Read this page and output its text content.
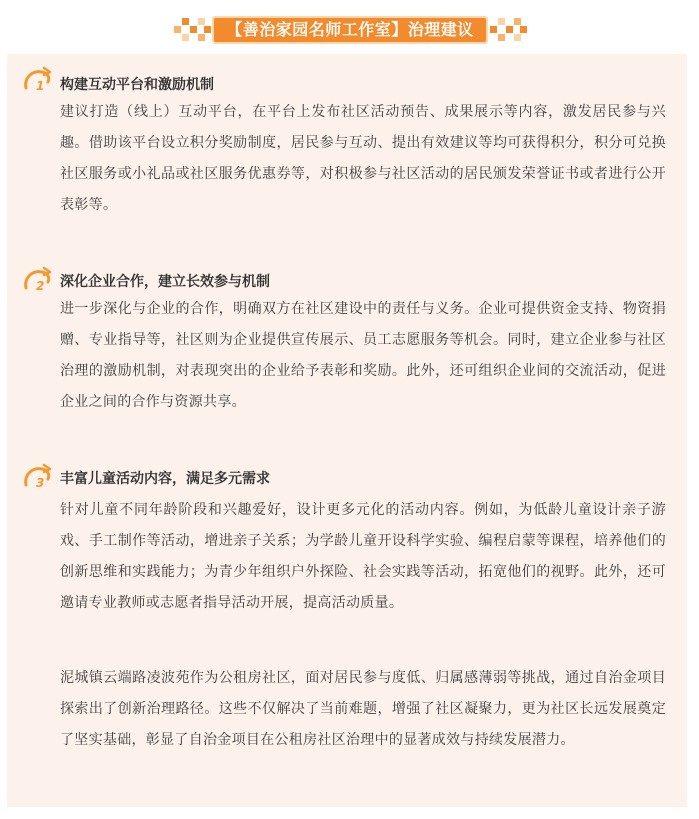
【善治家园名师工作室】治理建议
1 构建互动平台和激励机制

建议打造（线上）互动平台，在平台上发布社区活动预告、成果展示等内容，激发居民参与兴趣。借助该平台设立积分奖励制度，居民参与互动、提出有效建议等均可获得积分，积分可兑换社区服务或小礼品或社区服务优惠券等，对积极参与社区活动的居民颁发荣誉证书或者进行公开表彰等。

2 深化企业合作，建立长效参与机制

进一步深化与企业的合作，明确双方在社区建设中的责任与义务。企业可提供资金支持、物资捐赠、专业指导等，社区则为企业提供宣传展示、员工志愿服务等机会。同时，建立企业参与社区治理的激励机制，对表现突出的企业给予表彰和奖励。此外，还可组织企业间的交流活动，促进企业之间的合作与资源共享。

3 丰富儿童活动内容，满足多元需求

针对儿童不同年龄阶段和兴趣爱好，设计更多元化的活动内容。例如，为低龄儿童设计亲子游戏、手工制作等活动，增进亲子关系；为学龄儿童开设科学实验、编程启蒙等课程，培养他们的创新思维和实践能力；为青少年组织户外探险、社会实践等活动，拓宽他们的视野。此外，还可邀请专业教师或志愿者指导活动开展，提高活动质量。

泥城镇云端路凌波苑作为公租房社区，面对居民参与度低、归属感薄弱等挑战，通过自治金项目探索出了创新治理路径。这些不仅解决了当前难题，增强了社区凝聚力，更为社区长远发展奠定了坚实基础，彰显了自治金项目在公租房社区治理中的显著成效与持续发展潜力。
